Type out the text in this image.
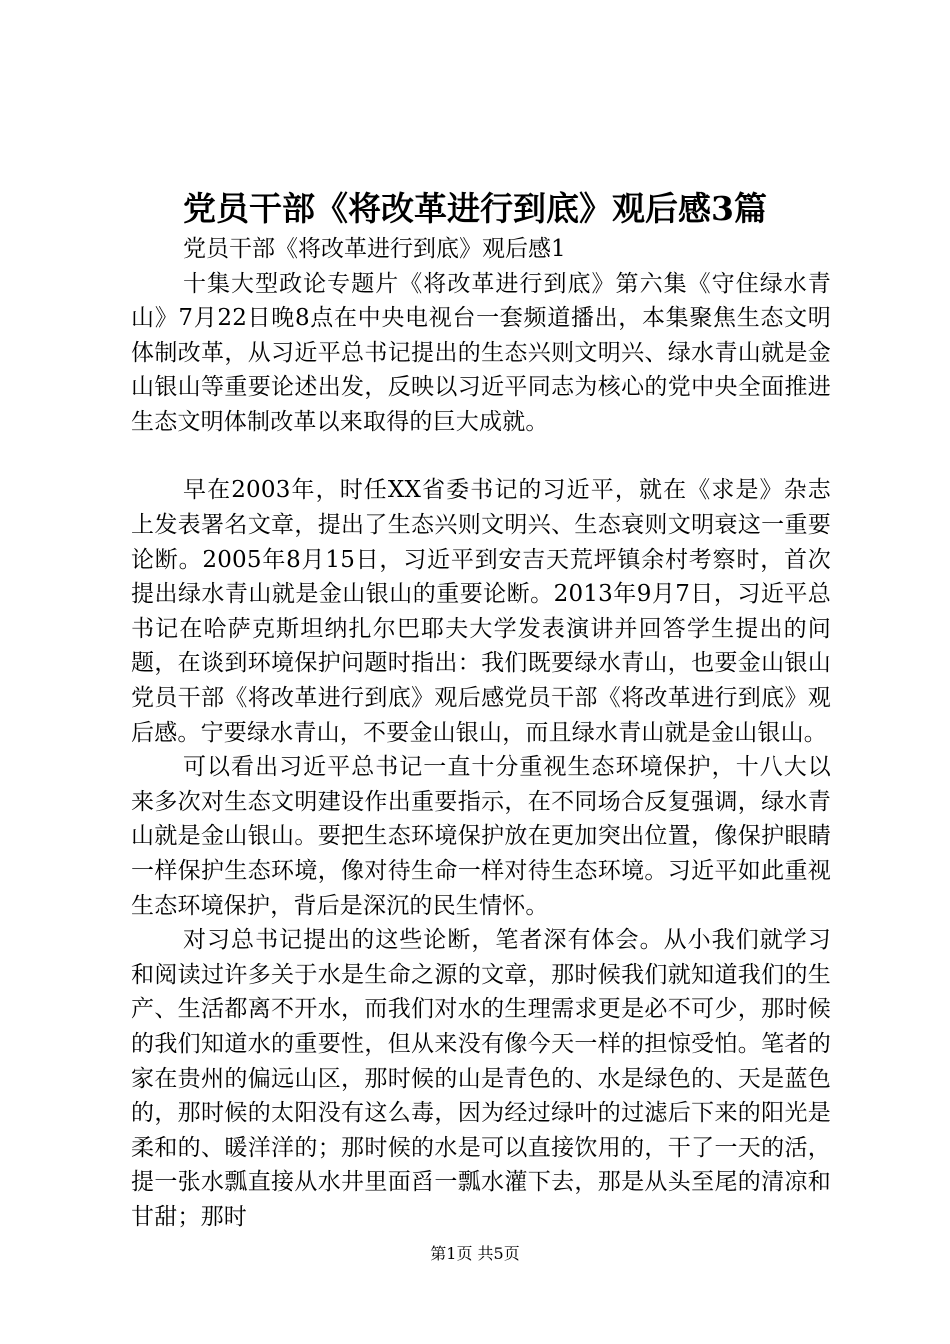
党员干部《将改革进行到底》观后感3篇

党员干部《将改革进行到底》观后感1

十集大型政论专题片《将改革进行到底》第六集《守住绿水青山》7月22日晚8点在中央电视台一套频道播出，本集聚焦生态文明体制改革，从习近平总书记提出的生态兴则文明兴、绿水青山就是金山银山等重要论述出发，反映以习近平同志为核心的党中央全面推进生态文明体制改革以来取得的巨大成就。

早在2003年，时任XX省委书记的习近平，就在《求是》杂志上发表署名文章，提出了生态兴则文明兴、生态衰则文明衰这一重要论断。2005年8月15日，习近平到安吉天荒坪镇余村考察时，首次提出绿水青山就是金山银山的重要论断。2013年9月7日，习近平总书记在哈萨克斯坦纳扎尔巴耶夫大学发表演讲并回答学生提出的问题，在谈到环境保护问题时指出：我们既要绿水青山，也要金山银山党员干部《将改革进行到底》观后感党员干部《将改革进行到底》观后感。宁要绿水青山，不要金山银山，而且绿水青山就是金山银山。

可以看出习近平总书记一直十分重视生态环境保护，十八大以来多次对生态文明建设作出重要指示，在不同场合反复强调，绿水青山就是金山银山。要把生态环境保护放在更加突出位置，像保护眼睛一样保护生态环境，像对待生命一样对待生态环境。习近平如此重视生态环境保护，背后是深沉的民生情怀。

对习总书记提出的这些论断，笔者深有体会。从小我们就学习和阅读过许多关于水是生命之源的文章，那时候我们就知道我们的生产、生活都离不开水，而我们对水的生理需求更是必不可少，那时候的我们知道水的重要性，但从来没有像今天一样的担惊受怕。笔者的家在贵州的偏远山区，那时候的山是青色的、水是绿色的、天是蓝色的，那时候的太阳没有这么毒，因为经过绿叶的过滤后下来的阳光是柔和的、暖洋洋的；那时候的水是可以直接饮用的，干了一天的活，提一张水瓢直接从水井里面舀一瓢水灌下去，那是从头至尾的清凉和甘甜；那时

第1页 共5页
